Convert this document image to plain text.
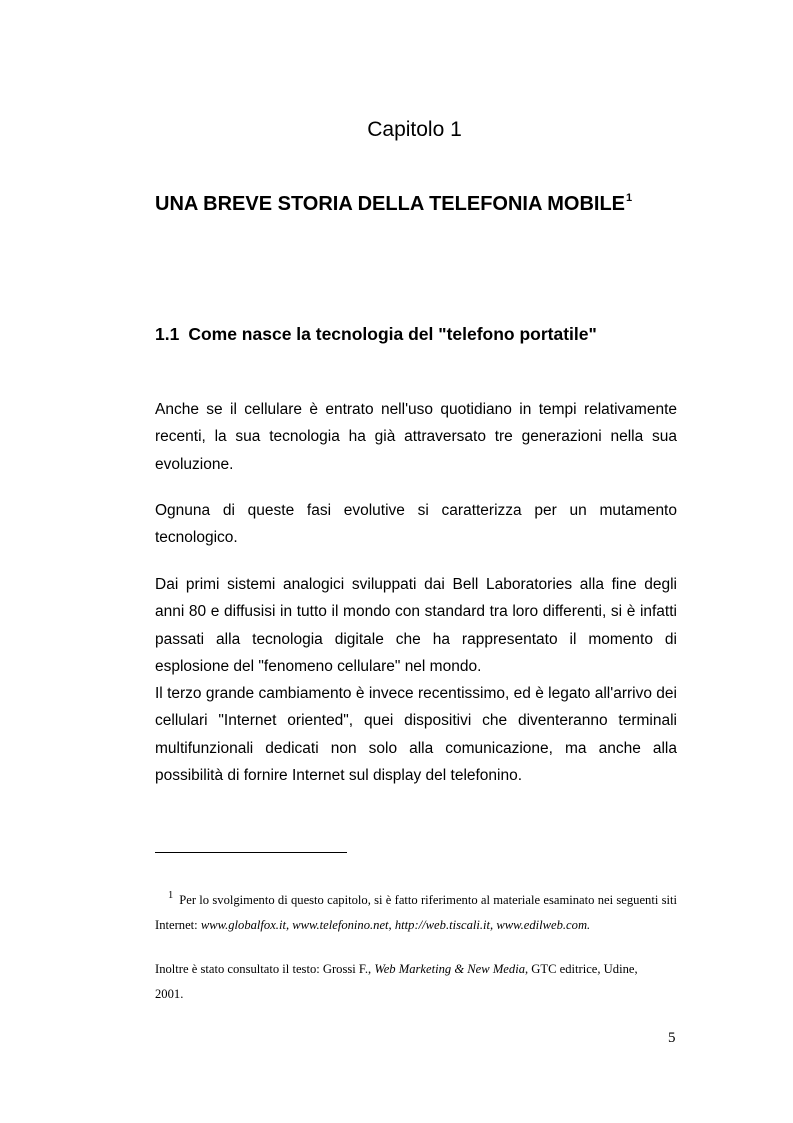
Capitolo 1
UNA BREVE STORIA DELLA TELEFONIA MOBILE$^1$
1.1 Come nasce la tecnologia del "telefono portatile"

Anche se il cellulare è entrato nell'uso quotidiano in tempi relativamente recenti, la sua tecnologia ha già attraversato tre generazioni nella sua evoluzione.

Ognuna di queste fasi evolutive si caratterizza per un mutamento tecnologico.

Dai primi sistemi analogici sviluppati dai Bell Laboratories alla fine degli anni 80 e diffusisi in tutto il mondo con standard tra loro differenti, si è infatti passati alla tecnologia digitale che ha rappresentato il momento di esplosione del "fenomeno cellulare" nel mondo.
Il terzo grande cambiamento è invece recentissimo, ed è legato all'arrivo dei cellulari "Internet oriented", quei dispositivi che diventeranno terminali multifunzionali dedicati non solo alla comunicazione, ma anche alla possibilità di fornire Internet sul display del telefonino.

$^1$ Per lo svolgimento di questo capitolo, si è fatto riferimento al materiale esaminato nei seguenti siti Internet: www.globalfox.it, www.telefonino.net, http://web.tiscali.it, www.edilweb.com.

Inoltre è stato consultato il testo: Grossi F., Web Marketing & New Media, GTC editrice, Udine, 2001.

5
